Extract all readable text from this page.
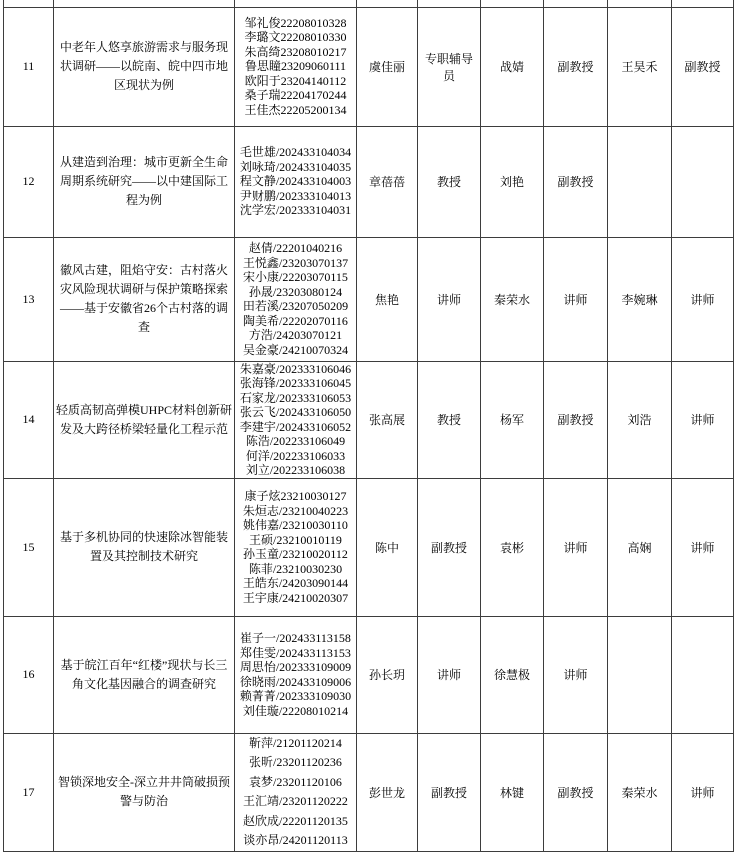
11	中老年人悠享旅游需求与服务现状调研——以皖南、皖中四市地区现状为例	
邹礼俊22208010328
李璐文22208010330
朱高绮23208010217
鲁思瞳23209060111
欧阳于23204140112
桑子瑞22204170244
王佳杰22205200134
	虞佳丽	专职辅导员	战婧	副教授	王昊禾	副教授
12	从建造到治理：城市更新全生命周期系统研究——以中建国际工程为例	毛世雄/202433104034
刘咏琦/202433104035
程文静/202433104003
尹财鹏/202333104013
沈学宏/202333104031	章蓓蓓	教授	刘艳	副教授		
13	徽风古建，阻焰守安：古村落火灾风险现状调研与保护策略探索——基于安徽省26个古村落的调查	
赵倩/22201040216
王悦鑫/23203070137
宋小康/22203070115
孙晟/23203080124
田若溪/23207050209
陶美希/22202070116
方浩/24203070121
吴金豪/24210070324
	焦艳	讲师	秦荣水	讲师	李婉琳	讲师
14	轻质高韧高弹模UHPC材料创新研发及大跨径桥梁轻量化工程示范	
朱嘉豪/202333106046
张海锋/202333106045
石家龙/202333106053
张云飞/202433106050
李建宇/202433106052
陈浩/202233106049
何洋/202233106033
刘立/202233106038
	张高展	教授	杨军	副教授	刘浩	讲师
15	基于多机协同的快速除冰智能装置及其控制技术研究	
康子炫23210030127
朱烜志/23210040223
姚伟嘉/23210030110
王硕/23210010119
孙玉童/23210020112
陈菲/23210030230
王皓东/24203090144
王宇康/24210020307
	陈中	副教授	袁彬	讲师	高娴	讲师
16	基于皖江百年“红楼”现状与长三角文化基因融合的调查研究	
崔子一/202433113158
郑佳雯/202433113153
周思怡/202333109009
徐晓雨/202433109006
赖菁菁/202333109030
刘佳璇/22208010214
	孙长玥	讲师	徐慧极	讲师		
17	智锁深地安全-深立井井筒破损预警与防治	
靳萍/21201120214
张昕/23201120236
袁梦/23201120106
王汇靖/23201120222
赵欣成/22201120135
谈亦昂/24201120113
	彭世龙	副教授	林键	副教授	秦荣水	讲师
